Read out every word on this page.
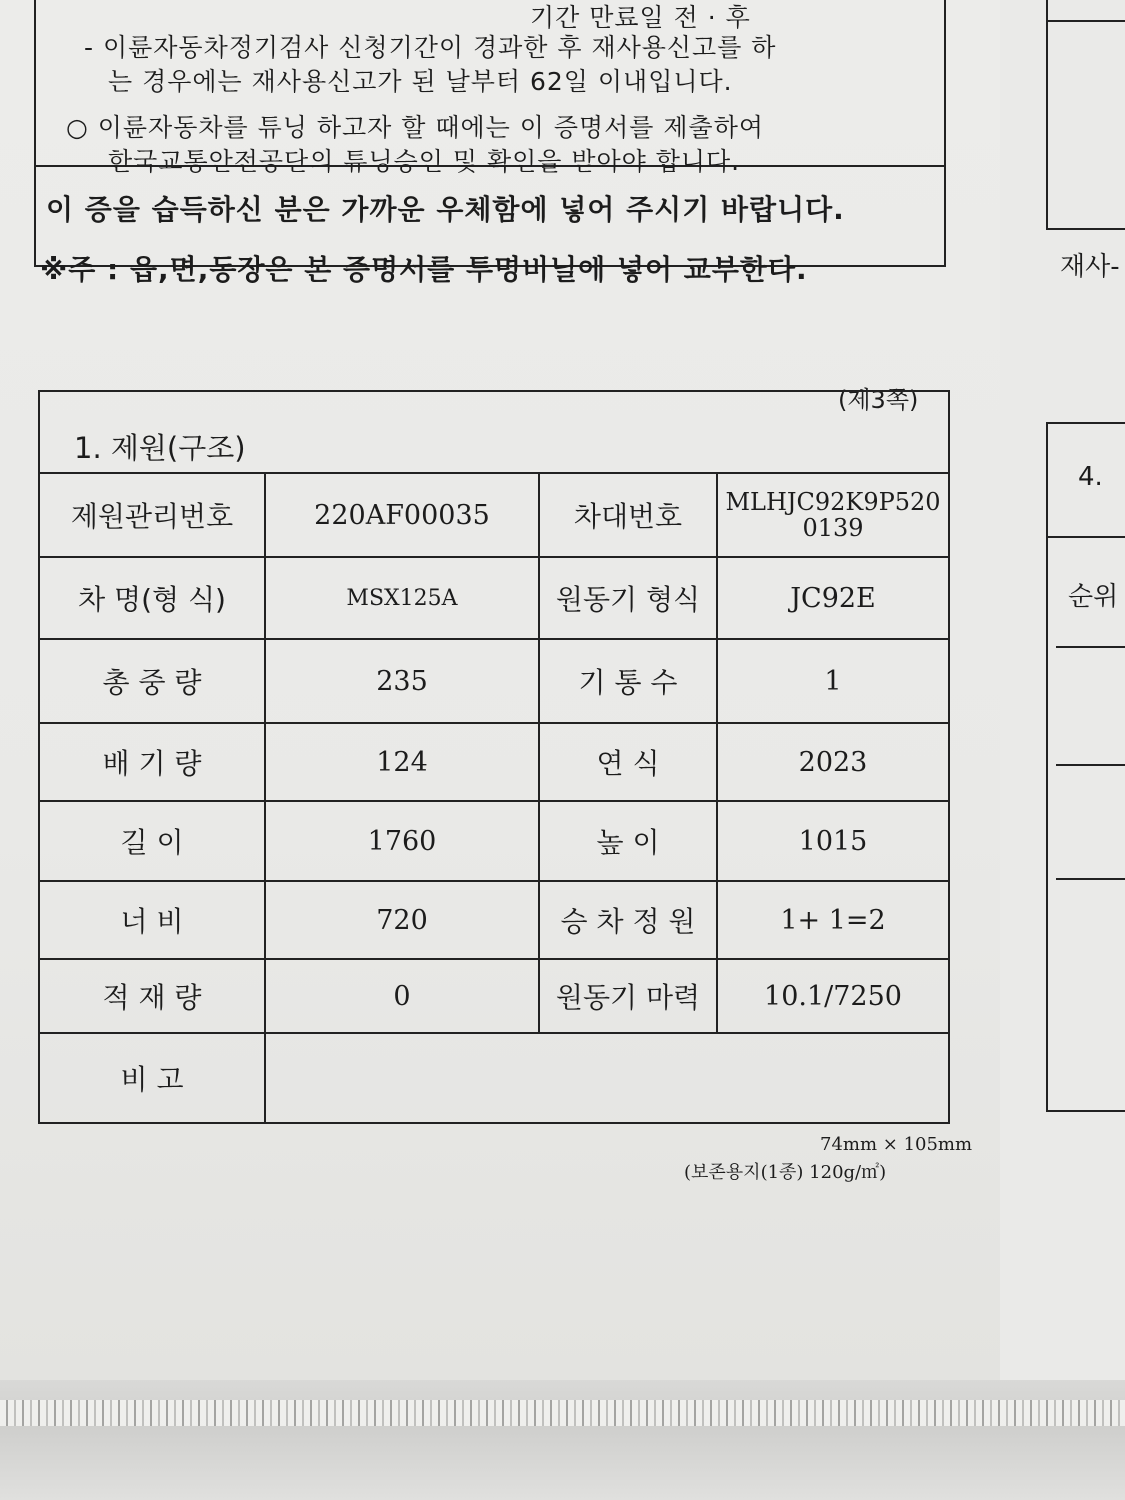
기간 만료일 전 · 후
- 이륜자동차정기검사 신청기간이 경과한 후 재사용신고를 하
는 경우에는 재사용신고가 된 날부터 62일 이내입니다.
○ 이륜자동차를 튜닝 하고자 할 때에는 이 증명서를 제출하여
한국교통안전공단의 튜닝승인 및 확인을 받아야 합니다.
이 증을 습득하신 분은 가까운 우체함에 넣어 주시기 바랍니다.
※주 : 읍,면,동장은 본 증명서를 투명비닐에 넣어 교부한다.
(제3쪽)
1. 제원(구조)
제원관리번호	220AF00035	차대번호	MLHJC92K9P520
0139
차 명(형 식)	MSX125A	원동기 형식	JC92E
총 중 량	235	기 통 수	1
배 기 량	124	연 식	2023
길 이	1760	높 이	1015
너 비	720	승 차 정 원	1+ 1=2
적 재 량	0	원동기 마력	10.1/7250
비 고
74mm × 105mm
(보존용지(1종) 120g/㎡)
재사-
4.
순위
